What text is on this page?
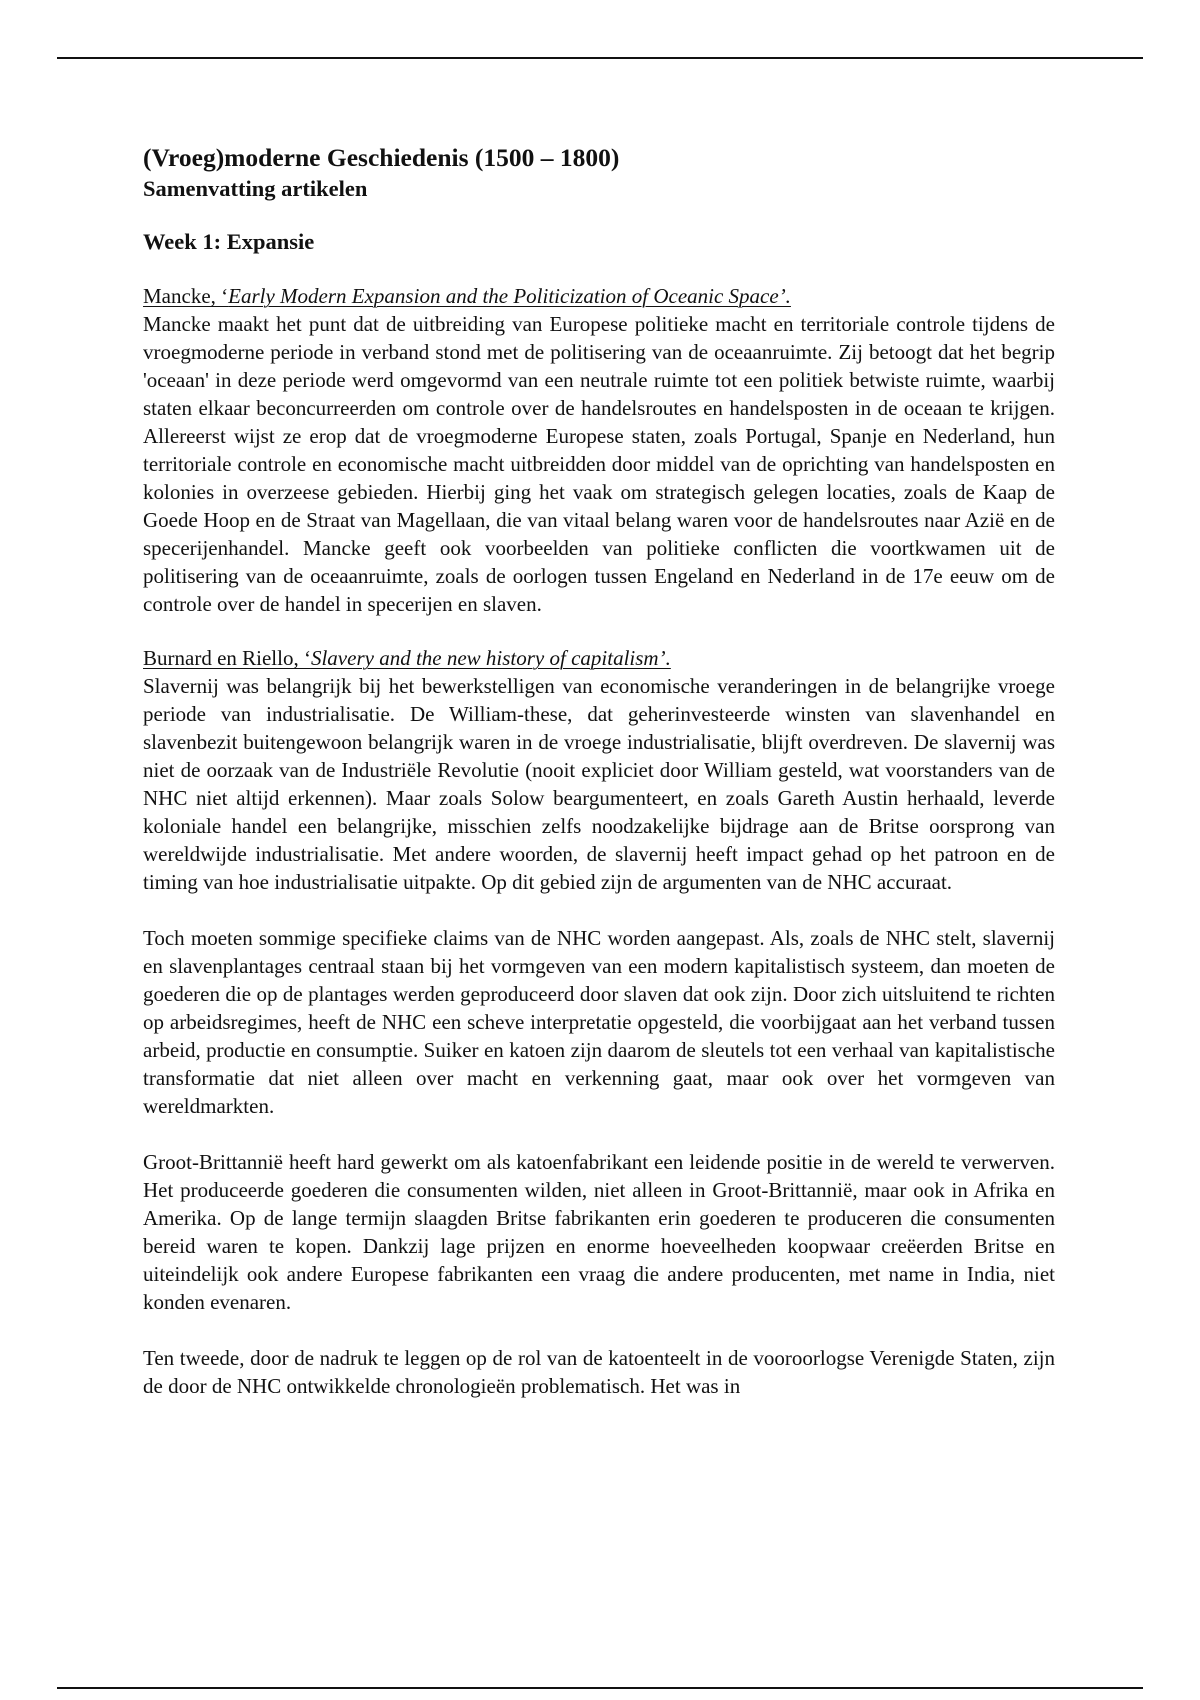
(Vroeg)moderne Geschiedenis (1500 – 1800)
Samenvatting artikelen
Week 1: Expansie

Mancke, ‘Early Modern Expansion and the Politicization of Oceanic Space’.

Mancke maakt het punt dat de uitbreiding van Europese politieke macht en territoriale controle tijdens de vroegmoderne periode in verband stond met de politisering van de oceaanruimte. Zij betoogt dat het begrip 'oceaan' in deze periode werd omgevormd van een neutrale ruimte tot een politiek betwiste ruimte, waarbij staten elkaar beconcurreerden om controle over de handelsroutes en handelsposten in de oceaan te krijgen. Allereerst wijst ze erop dat de vroegmoderne Europese staten, zoals Portugal, Spanje en Nederland, hun territoriale controle en economische macht uitbreidden door middel van de oprichting van handelsposten en kolonies in overzeese gebieden. Hierbij ging het vaak om strategisch gelegen locaties, zoals de Kaap de Goede Hoop en de Straat van Magellaan, die van vitaal belang waren voor de handelsroutes naar Azië en de specerijenhandel. Mancke geeft ook voorbeelden van politieke conflicten die voortkwamen uit de politisering van de oceaanruimte, zoals de oorlogen tussen Engeland en Nederland in de 17e eeuw om de controle over de handel in specerijen en slaven.

Burnard en Riello, ‘Slavery and the new history of capitalism’.

Slavernij was belangrijk bij het bewerkstelligen van economische veranderingen in de belangrijke vroege periode van industrialisatie. De William-these, dat geherinvesteerde winsten van slavenhandel en slavenbezit buitengewoon belangrijk waren in de vroege industrialisatie, blijft overdreven. De slavernij was niet de oorzaak van de Industriële Revolutie (nooit expliciet door William gesteld, wat voorstanders van de NHC niet altijd erkennen). Maar zoals Solow beargumenteert, en zoals Gareth Austin herhaald, leverde koloniale handel een belangrijke, misschien zelfs noodzakelijke bijdrage aan de Britse oorsprong van wereldwijde industrialisatie. Met andere woorden, de slavernij heeft impact gehad op het patroon en de timing van hoe industrialisatie uitpakte. Op dit gebied zijn de argumenten van de NHC accuraat.

Toch moeten sommige specifieke claims van de NHC worden aangepast. Als, zoals de NHC stelt, slavernij en slavenplantages centraal staan bij het vormgeven van een modern kapitalistisch systeem, dan moeten de goederen die op de plantages werden geproduceerd door slaven dat ook zijn. Door zich uitsluitend te richten op arbeidsregimes, heeft de NHC een scheve interpretatie opgesteld, die voorbijgaat aan het verband tussen arbeid, productie en consumptie. Suiker en katoen zijn daarom de sleutels tot een verhaal van kapitalistische transformatie dat niet alleen over macht en verkenning gaat, maar ook over het vormgeven van wereldmarkten.

Groot-Brittannië heeft hard gewerkt om als katoenfabrikant een leidende positie in de wereld te verwerven. Het produceerde goederen die consumenten wilden, niet alleen in Groot-Brittannië, maar ook in Afrika en Amerika. Op de lange termijn slaagden Britse fabrikanten erin goederen te produceren die consumenten bereid waren te kopen. Dankzij lage prijzen en enorme hoeveelheden koopwaar creëerden Britse en uiteindelijk ook andere Europese fabrikanten een vraag die andere producenten, met name in India, niet konden evenaren.

Ten tweede, door de nadruk te leggen op de rol van de katoenteelt in de vooroorlogse Verenigde Staten, zijn de door de NHC ontwikkelde chronologieën problematisch. Het was in
